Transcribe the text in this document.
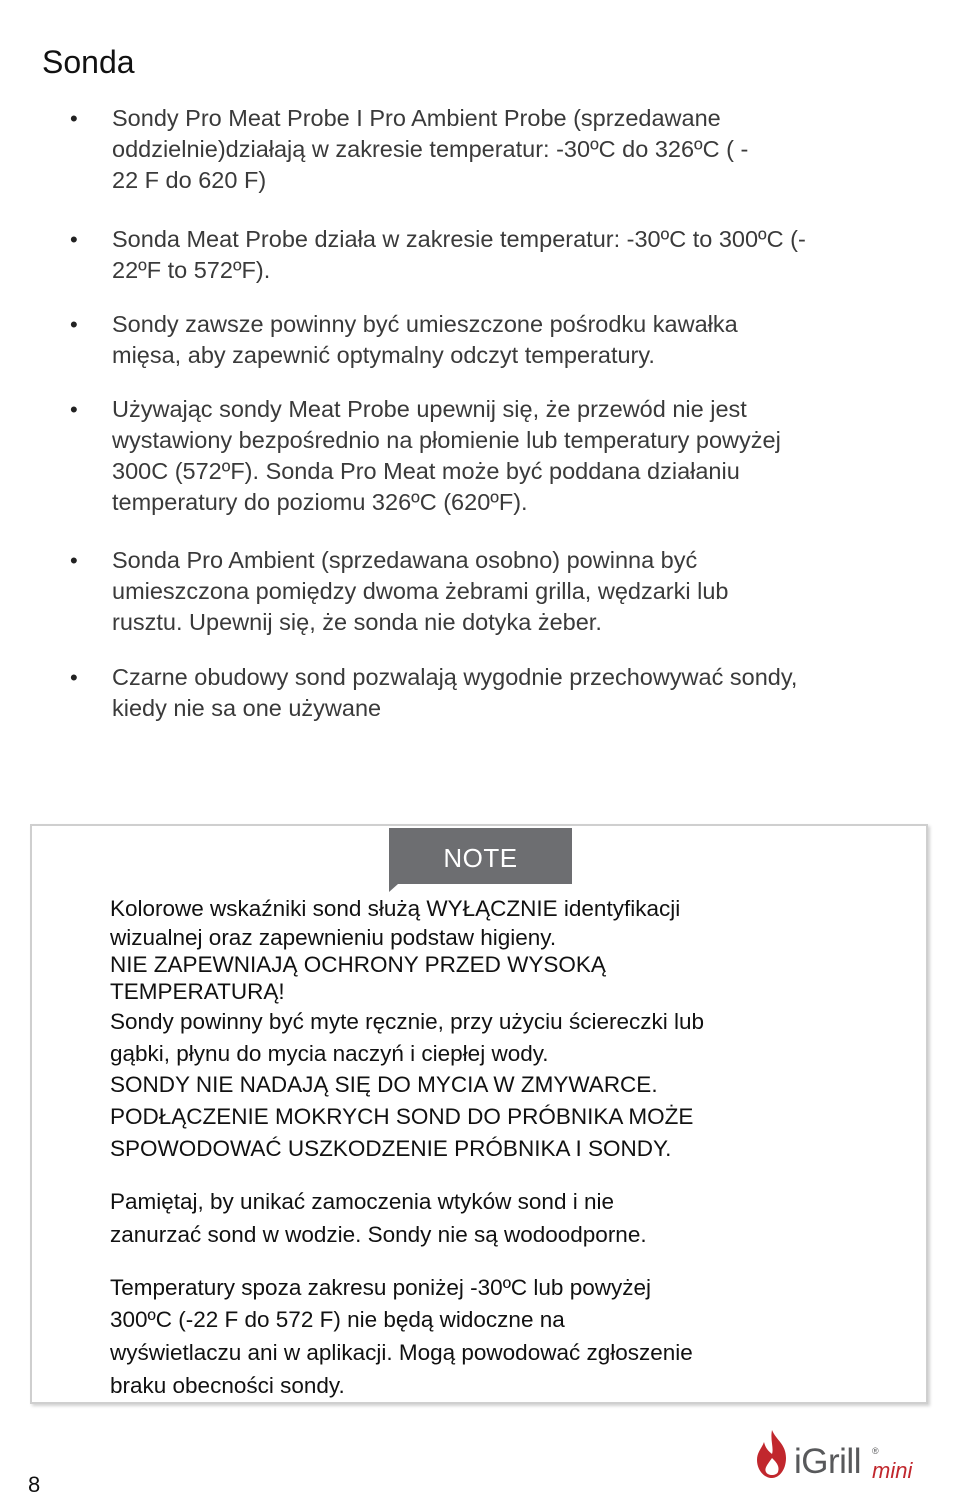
Sonda
• Sondy Pro Meat Probe I Pro Ambient Probe (sprzedawane
oddzielnie)działają w zakresie temperatur: -30ºC do 326ºC ( -
22 F do 620 F)
• Sonda Meat Probe działa w zakresie temperatur: -30ºC to 300ºC (-
22ºF to 572ºF).
• Sondy zawsze powinny być umieszczone pośrodku kawałka
mięsa, aby zapewnić optymalny odczyt temperatury.
• Używając sondy Meat Probe upewnij się, że przewód nie jest
wystawiony bezpośrednio na płomienie lub temperatury powyżej
300C (572ºF). Sonda Pro Meat może być poddana działaniu
temperatury do poziomu 326ºC (620ºF).
• Sonda Pro Ambient (sprzedawana osobno) powinna być
umieszczona pomiędzy dwoma żebrami grilla, wędzarki lub
rusztu. Upewnij się, że sonda nie dotyka żeber.
• Czarne obudowy sond pozwalają wygodnie przechowywać sondy,
kiedy nie sa one używane
NOTE
Kolorowe wskaźniki sond służą WYŁĄCZNIE identyfikacji
wizualnej oraz zapewnieniu podstaw higieny.
NIE ZAPEWNIAJĄ OCHRONY PRZED WYSOKĄ
TEMPERATURĄ!
Sondy powinny być myte ręcznie, przy użyciu ściereczki lub
gąbki, płynu do mycia naczyń i ciepłej wody.
SONDY NIE NADAJĄ SIĘ DO MYCIA W ZMYWARCE.
PODŁĄCZENIE MOKRYCH SOND DO PRÓBNIKA MOŻE
SPOWODOWAĆ USZKODZENIE PRÓBNIKA I SONDY.
Pamiętaj, by unikać zamoczenia wtyków sond i nie
zanurzać sond w wodzie. Sondy nie są wodoodporne.
Temperatury spoza zakresu poniżej -30ºC lub powyżej
300ºC (-22 F do 572 F) nie będą widoczne na
wyświetlaczu ani w aplikacji. Mogą powodować zgłoszenie
braku obecności sondy.
8
iGrill ®
mini
